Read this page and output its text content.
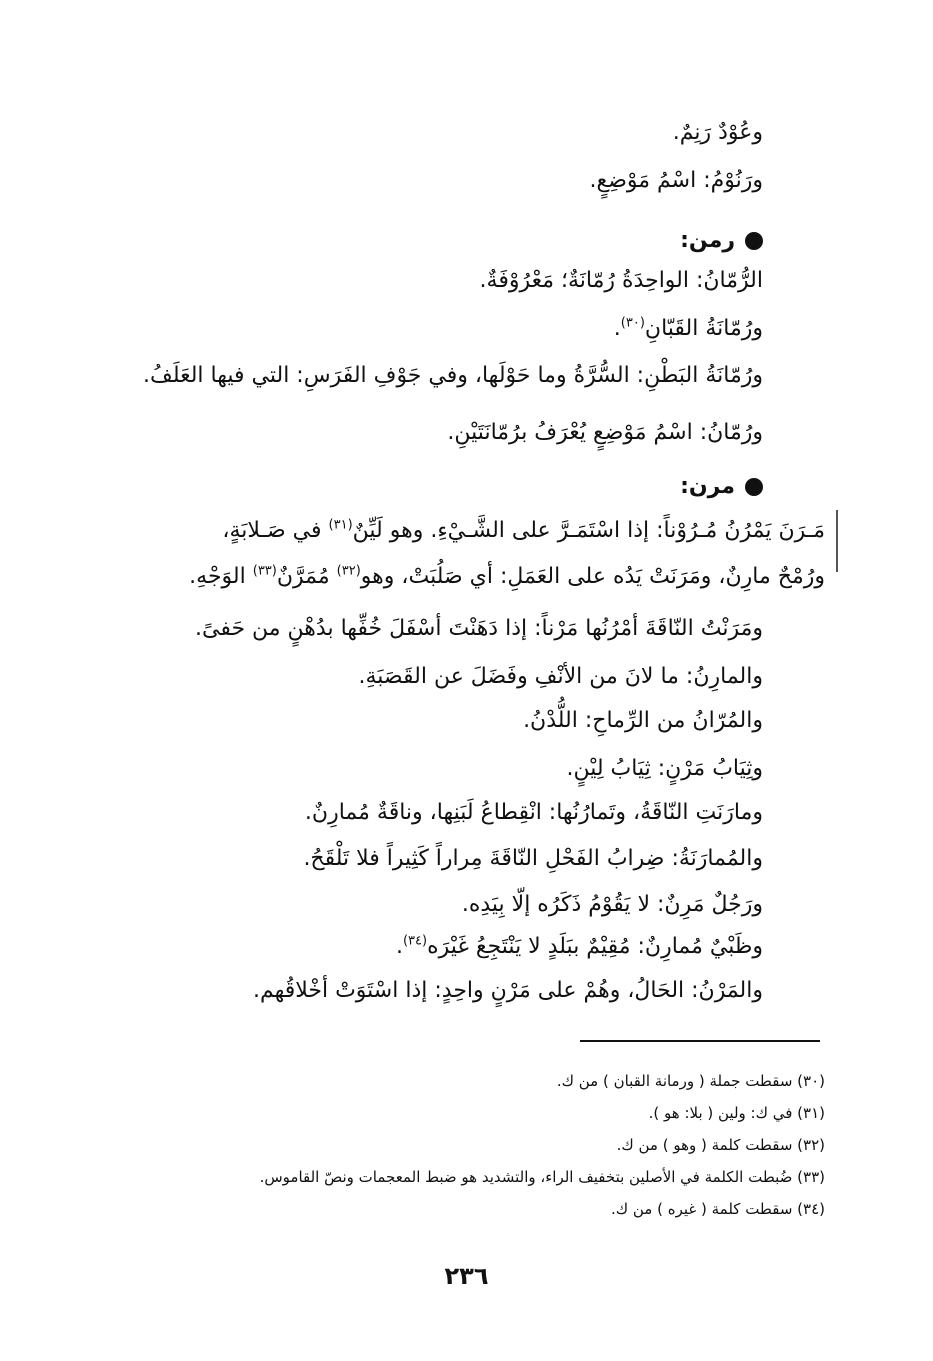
وعُوْدٌ رَنِمٌ.
ورَنُوْمُ: اسْمُ مَوْضِعٍ.
رمن:
الرُّمّانُ: الواحِدَةُ رُمّانَةٌ؛ مَعْرُوْفَةٌ.
ورُمّانَةُ القَبّانِ$^{(٣٠)}$.
ورُمّانَةُ البَطْنِ: السُّرَّةُ وما حَوْلَها، وفي جَوْفِ الفَرَسِ: التي فيها العَلَفُ.
ورُمّانُ: اسْمُ مَوْضِعٍ يُعْرَفُ برُمّانَتَيْنِ.
مرن:
مَـرَنَ يَمْرُنُ مُـرُوْناً: إذا اسْتَمَـرَّ على الشَّـيْءِ. وهو لَيِّنٌ$^{(٣١)}$ في صَـلابَةٍ،
ورُمْحٌ مارِنٌ، ومَرَنَتْ يَدُه على العَمَلِ: أي صَلُبَتْ، وهو$^{(٣٢)}$ مُمَرَّنٌ$^{(٣٣)}$ الوَجْهِ.
ومَرَنْتُ النّاقَةَ أمْرُنُها مَرْناً: إذا دَهَنْتَ أسْفَلَ خُفِّها بدُهْنٍ من حَفىً.
والمارِنُ: ما لانَ من الأنْفِ وفَضَلَ عن القَصَبَةِ.
والمُرّانُ من الرِّماحِ: اللُّدْنُ.
وثِيَابُ مَرْنٍ: ثِيَابُ لِيْنٍ.
ومارَنَتِ النّاقَةُ، وتَمارُنُها: انْقِطاعُ لَبَنِها، وناقَةٌ مُمارِنٌ.
والمُمارَنَةُ: ضِرابُ الفَحْلِ النّاقَةَ مِراراً كَثِيراً فلا تَلْقَحُ.
ورَجُلٌ مَرِنٌ: لا يَقُوْمُ ذَكَرُه إلّا بِيَدِه.
وظَبْيٌ مُمارِنٌ: مُقِيْمٌ ببَلَدٍ لا يَنْتَجِعُ غَيْرَه$^{(٣٤)}$.
والمَرْنُ: الحَالُ، وهُمْ على مَرْنٍ واحِدٍ: إذا اسْتَوَتْ أخْلاقُهم.
(٣٠) سقطت جملة ( ورمانة القبان ) من ك.
(٣١) في ك: ولين ( بلا: هو ).
(٣٢) سقطت كلمة ( وهو ) من ك.
(٣٣) ضُبطت الكلمة في الأصلين بتخفيف الراء، والتشديد هو ضبط المعجمات ونصّ القاموس.
(٣٤) سقطت كلمة ( غيره ) من ك.
٢٣٦
